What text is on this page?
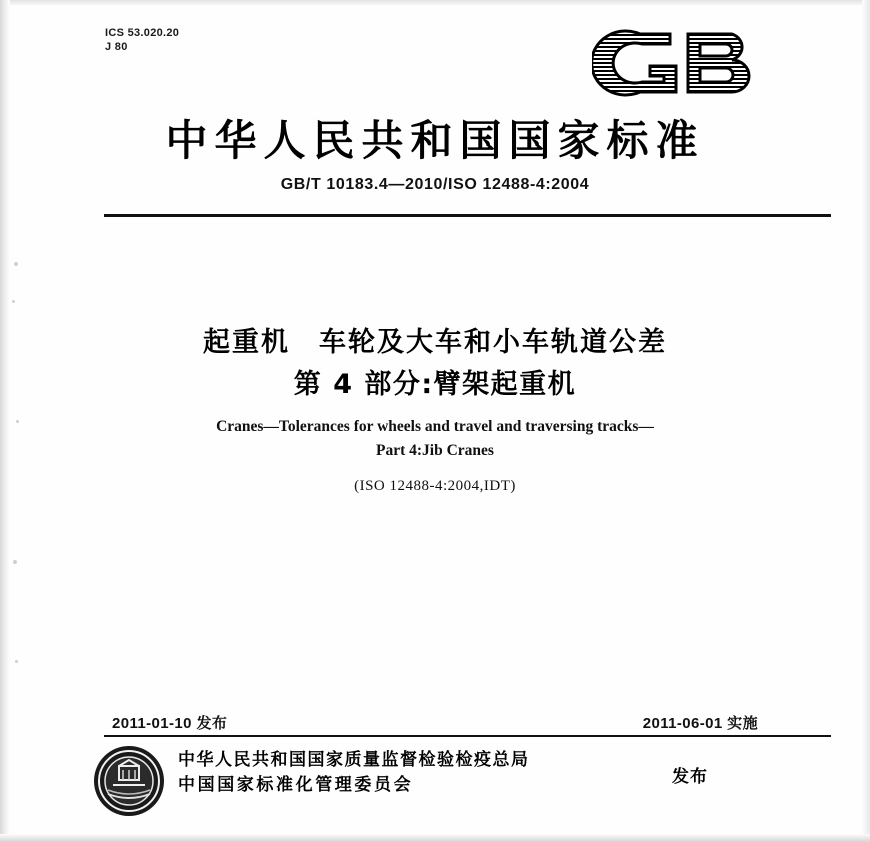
ICS 53.020.20
J 80
中华人民共和国国家标准
GB/T 10183.4—2010/ISO 12488-4:2004
起重机　车轮及大车和小车轨道公差
第 4 部分:臂架起重机
Cranes—Tolerances for wheels and travel and traversing tracks—
Part 4:Jib Cranes
(ISO 12488-4:2004,IDT)
2011-01-10 发布	2011-06-01 实施
中华人民共和国国家质量监督检验检疫总局
中国国家标准化管理委员会	发布
